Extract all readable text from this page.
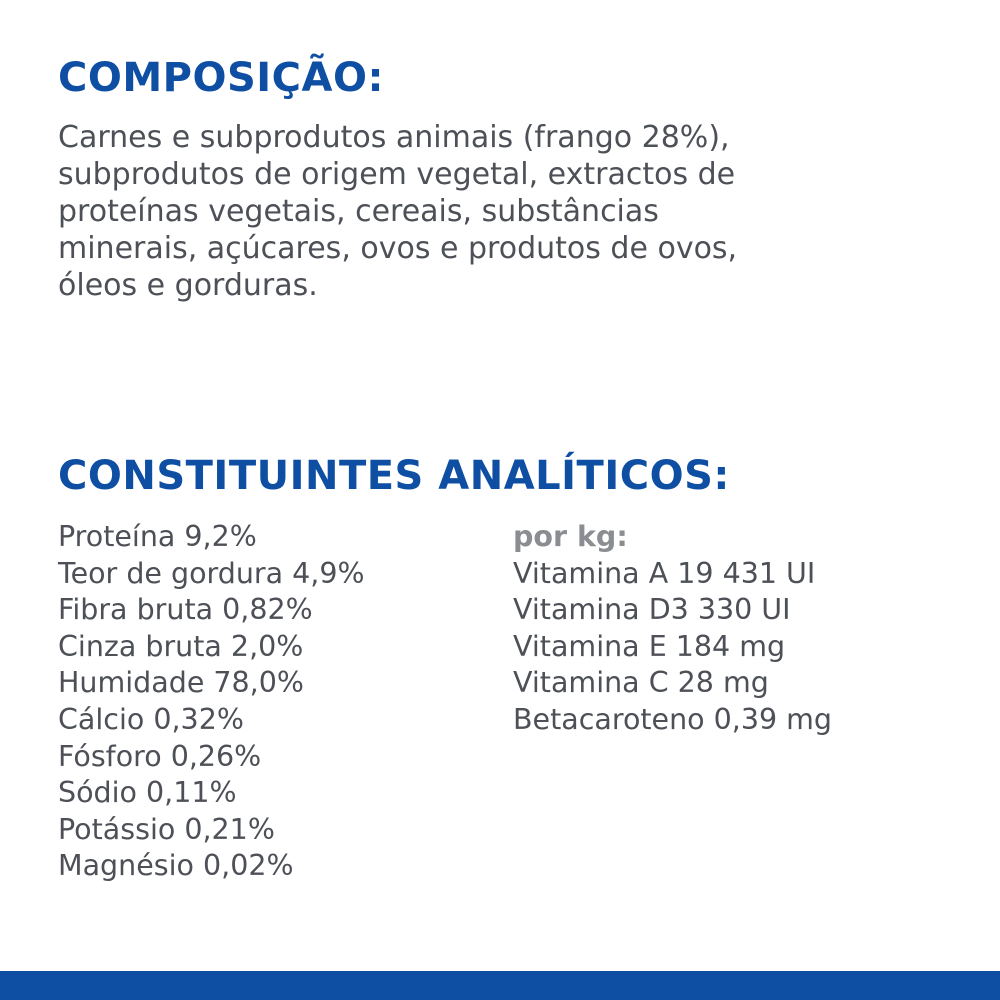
COMPOSIÇÃO:

Carnes e subprodutos animais (frango 28%),
subprodutos de origem vegetal, extractos de
proteínas vegetais, cereais, substâncias
minerais, açúcares, ovos e produtos de ovos,
óleos e gorduras.

CONSTITUINTES ANALÍTICOS:
Proteína 9,2%
Teor de gordura 4,9%
Fibra bruta 0,82%
Cinza bruta 2,0%
Humidade 78,0%
Cálcio 0,32%
Fósforo 0,26%
Sódio 0,11%
Potássio 0,21%
Magnésio 0,02%

por kg:

Vitamina A 19 431 UI
Vitamina D3 330 UI
Vitamina E 184 mg
Vitamina C 28 mg
Betacaroteno 0,39 mg
